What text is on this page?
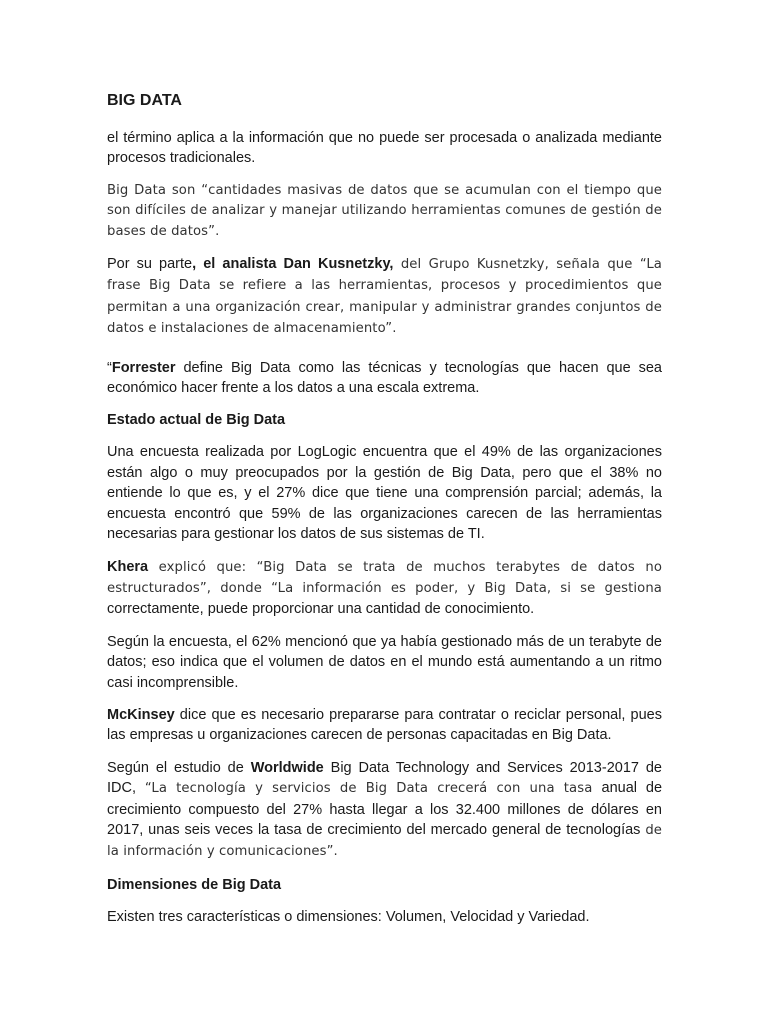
BIG DATA

el término aplica a la información que no puede ser procesada o analizada mediante procesos tradicionales.

Big Data son “cantidades masivas de datos que se acumulan con el tiempo que son difíciles de analizar y manejar utilizando herramientas comunes de gestión de bases de datos”.

Por su parte, el analista Dan Kusnetzky, del Grupo Kusnetzky, señala que “La frase Big Data se refiere a las herramientas, procesos y procedimientos que permitan a una organización crear, manipular y administrar grandes conjuntos de datos e instalaciones de almacenamiento”.

“Forrester define Big Data como las técnicas y tecnologías que hacen que sea económico hacer frente a los datos a una escala extrema.

Estado actual de Big Data

Una encuesta realizada por LogLogic encuentra que el 49% de las organizaciones están algo o muy preocupados por la gestión de Big Data, pero que el 38% no entiende lo que es, y el 27% dice que tiene una comprensión parcial; además, la encuesta encontró que 59% de las organizaciones carecen de las herramientas necesarias para gestionar los datos de sus sistemas de TI.

Khera explicó que: “Big Data se trata de muchos terabytes de datos no estructurados”, donde “La información es poder, y Big Data, si se gestiona correctamente, puede proporcionar una cantidad de conocimiento.

Según la encuesta, el 62% mencionó que ya había gestionado más de un terabyte de datos; eso indica que el volumen de datos en el mundo está aumentando a un ritmo casi incomprensible.

McKinsey dice que es necesario prepararse para contratar o reciclar personal, pues las empresas u organizaciones carecen de personas capacitadas en Big Data.

Según el estudio de Worldwide Big Data Technology and Services 2013-2017 de IDC, “La tecnología y servicios de Big Data crecerá con una tasa anual de crecimiento compuesto del 27% hasta llegar a los 32.400 millones de dólares en 2017, unas seis veces la tasa de crecimiento del mercado general de tecnologías de la información y comunicaciones”.

Dimensiones de Big Data

Existen tres características o dimensiones: Volumen, Velocidad y Variedad.
